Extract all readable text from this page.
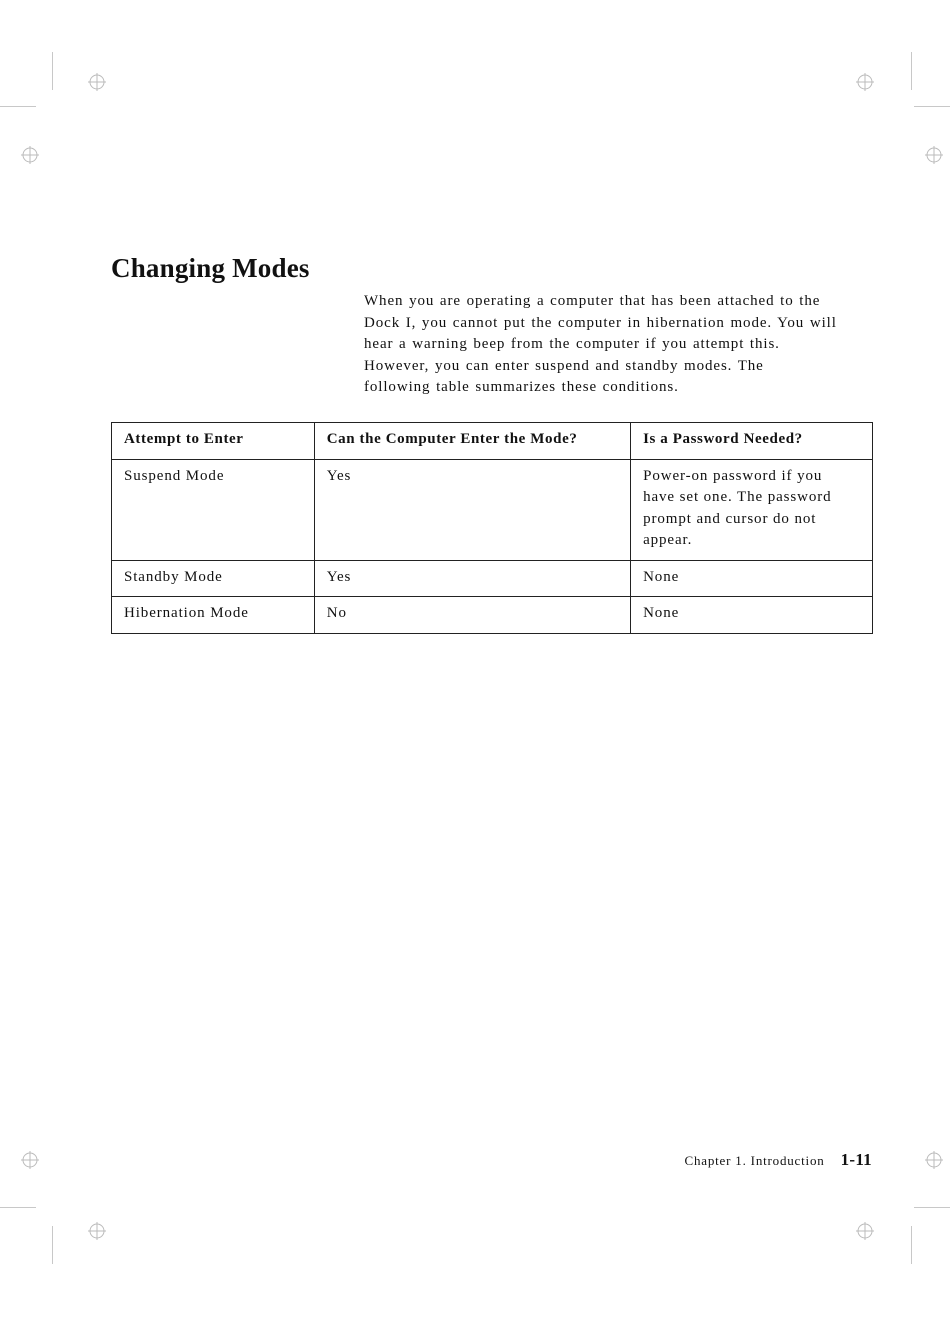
Changing Modes

When you are operating a computer that has been attached to the
Dock I, you cannot put the computer in hibernation mode. You will
hear a warning beep from the computer if you attempt this.
However, you can enter suspend and standby modes. The
following table summarizes these conditions.

Attempt to Enter	Can the Computer Enter the Mode?	Is a Password Needed?
Suspend Mode	Yes	Power-on password if you
have set one. The password
prompt and cursor do not
appear.

Standby Mode	Yes	None
Hibernation Mode	No	None
Chapter 1. Introduction 1-11
